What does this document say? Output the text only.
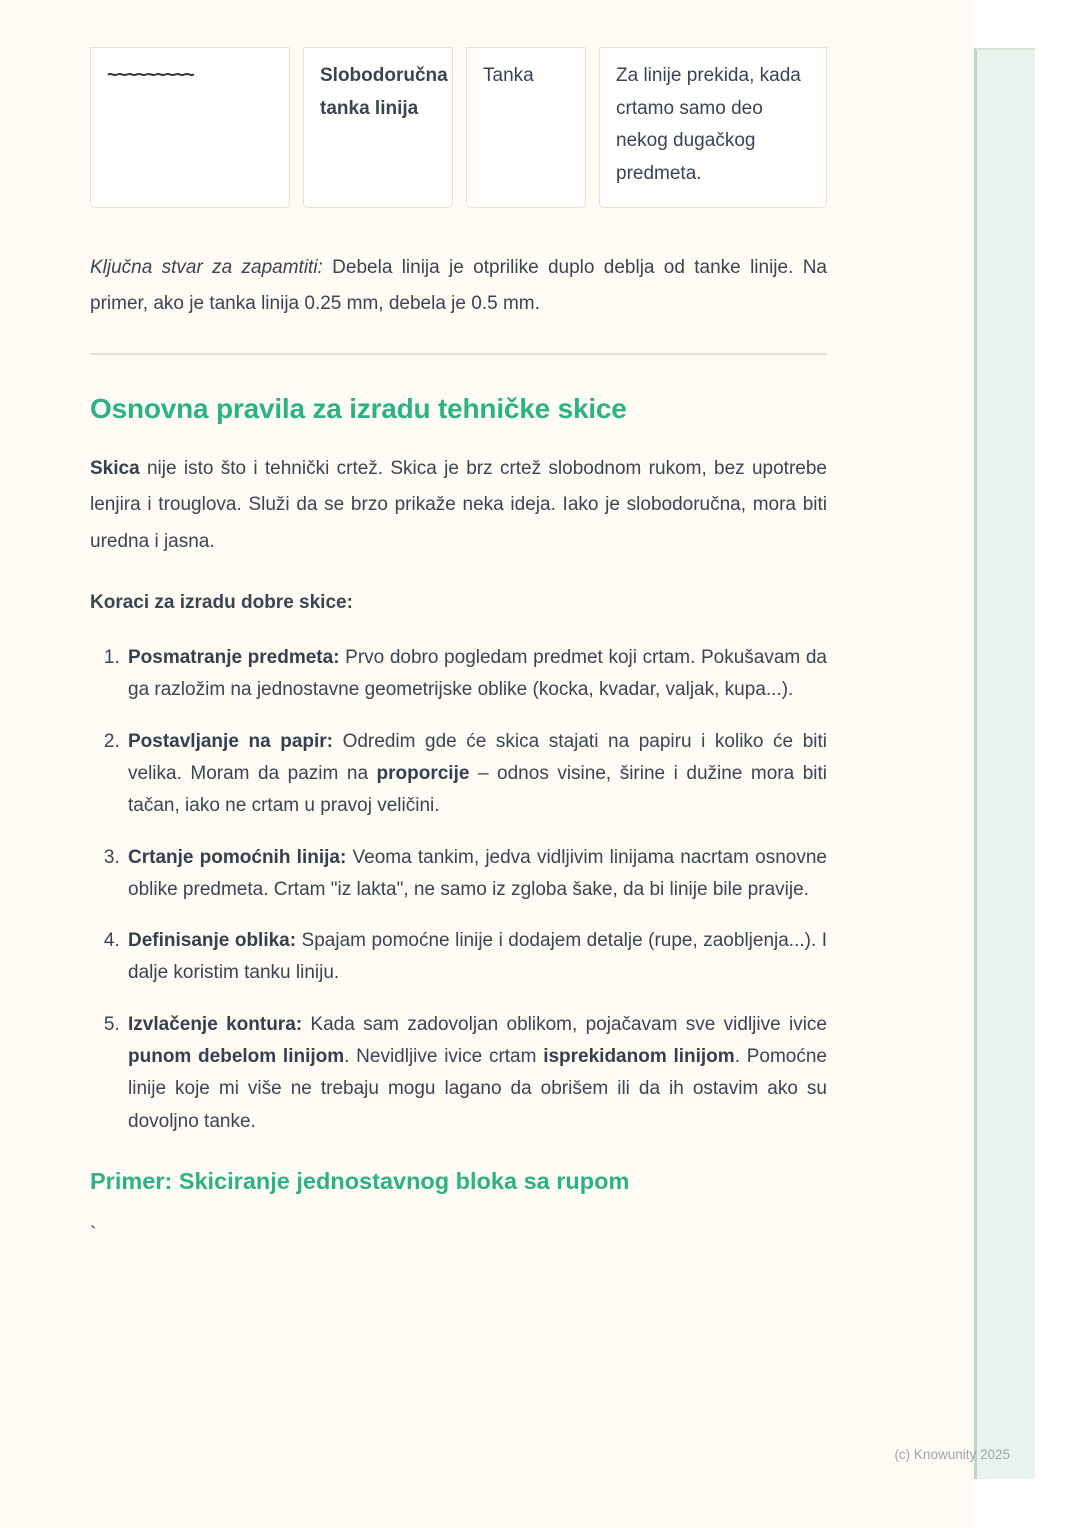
~~~~~~~~~	Slobodoručna tanka linija
Tanka	Za linije prekida, kada crtamo samo deo nekog dugačkog predmeta.

Ključna stvar za zapamtiti: Debela linija je otprilike duplo deblja od tanke linije. Na primer, ako je tanka linija 0.25 mm, debela je 0.5 mm.

Osnovna pravila za izradu tehničke skice

Skica nije isto što i tehnički crtež. Skica je brz crtež slobodnom rukom, bez upotrebe lenjira i trouglova. Služi da se brzo prikaže neka ideja. Iako je slobodoručna, mora biti uredna i jasna.

Koraci za izradu dobre skice:

1. Posmatranje predmeta: Prvo dobro pogledam predmet koji crtam. Pokušavam da ga razložim na jednostavne geometrijske oblike (kocka, kvadar, valjak, kupa...).
2. Postavljanje na papir: Odredim gde će skica stajati na papiru i koliko će biti velika. Moram da pazim na proporcije – odnos visine, širine i dužine mora biti tačan, iako ne crtam u pravoj veličini.
3. Crtanje pomoćnih linija: Veoma tankim, jedva vidljivim linijama nacrtam osnovne oblike predmeta. Crtam "iz lakta", ne samo iz zgloba šake, da bi linije bile pravije.
4. Definisanje oblika: Spajam pomoćne linije i dodajem detalje (rupe, zaobljenja...). I dalje koristim tanku liniju.
5. Izvlačenje kontura: Kada sam zadovoljan oblikom, pojačavam sve vidljive ivice punom debelom linijom. Nevidljive ivice crtam isprekidanom linijom. Pomoćne linije koje mi više ne trebaju mogu lagano da obrišem ili da ih ostavim ako su dovoljno tanke.
Primer: Skiciranje jednostavnog bloka sa rupom

`

(c) Knowunity 2025
